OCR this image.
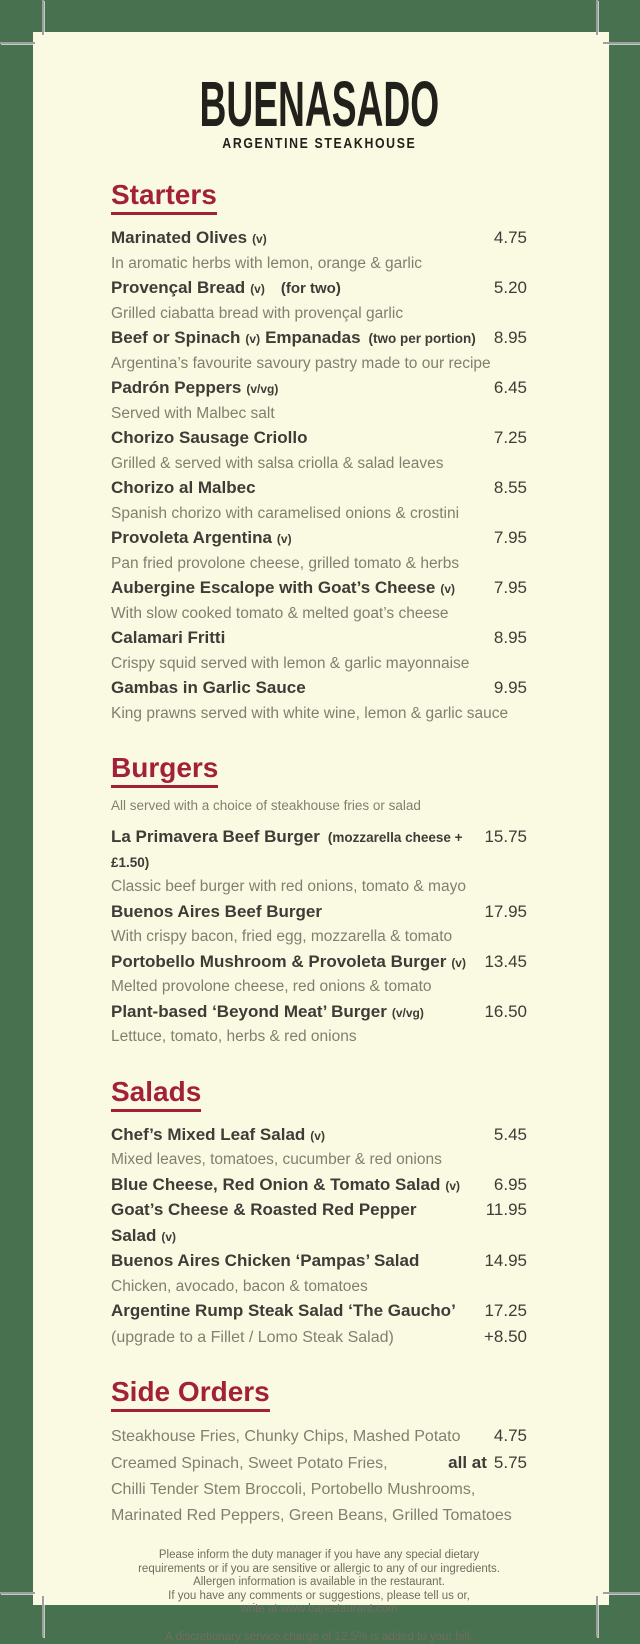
BUENASADO
ARGENTINE STEAKHOUSE
Starters
Marinated Olives (v)	4.75
In aromatic herbs with lemon, orange & garlic
Provençal Bread (v) (for two)	5.20
Grilled ciabatta bread with provençal garlic
Beef or Spinach (v) Empanadas (two per portion) 8.95
Argentina’s favourite savoury pastry made to our recipe
Padrón Peppers (v/vg)	6.45
Served with Malbec salt
Chorizo Sausage Criollo	7.25
Grilled & served with salsa criolla & salad leaves
Chorizo al Malbec	8.55
Spanish chorizo with caramelised onions & crostini
Provoleta Argentina (v)	7.95
Pan fried provolone cheese, grilled tomato & herbs
Aubergine Escalope with Goat’s Cheese (v) 7.95
With slow cooked tomato & melted goat’s cheese
Calamari Fritti	8.95
Crispy squid served with lemon & garlic mayonnaise
Gambas in Garlic Sauce	9.95
King prawns served with white wine, lemon & garlic sauce
Burgers
All served with a choice of steakhouse fries or salad
La Primavera Beef Burger (mozzarella cheese + £1.50)
15.75
Classic beef burger with red onions, tomato & mayo
Buenos Aires Beef Burger	17.95
With crispy bacon, fried egg, mozzarella & tomato
Portobello Mushroom & Provoleta Burger (v) 13.45
Melted provolone cheese, red onions & tomato
Plant-based ‘Beyond Meat’ Burger (v/vg)	16.50
Lettuce, tomato, herbs & red onions
Salads
Chef’s Mixed Leaf Salad (v)	5.45
Mixed leaves, tomatoes, cucumber & red onions
Blue Cheese, Red Onion & Tomato Salad (v) 6.95
Goat’s Cheese & Roasted Red Pepper Salad (v)
11.95
Buenos Aires Chicken ‘Pampas’ Salad	14.95
Chicken, avocado, bacon & tomatoes
Argentine Rump Steak Salad ‘The Gaucho’ 17.25
(upgrade to a Fillet / Lomo Steak Salad)	+8.50
Side Orders
Steakhouse Fries, Chunky Chips, Mashed Potato 4.75
Creamed Spinach, Sweet Potato Fries,	all at 5.75
Chilli Tender Stem Broccoli, Portobello Mushrooms,
Marinated Red Peppers, Green Beans, Grilled Tomatoes
Please inform the duty manager if you have any special dietary
requirements or if you are sensitive or allergic to any of our ingredients.
Allergen information is available in the restaurant.
If you have any comments or suggestions, please tell us or,
write at www.barestaurant.com
A discretionary service charge of 12.5% is added to your bill.
